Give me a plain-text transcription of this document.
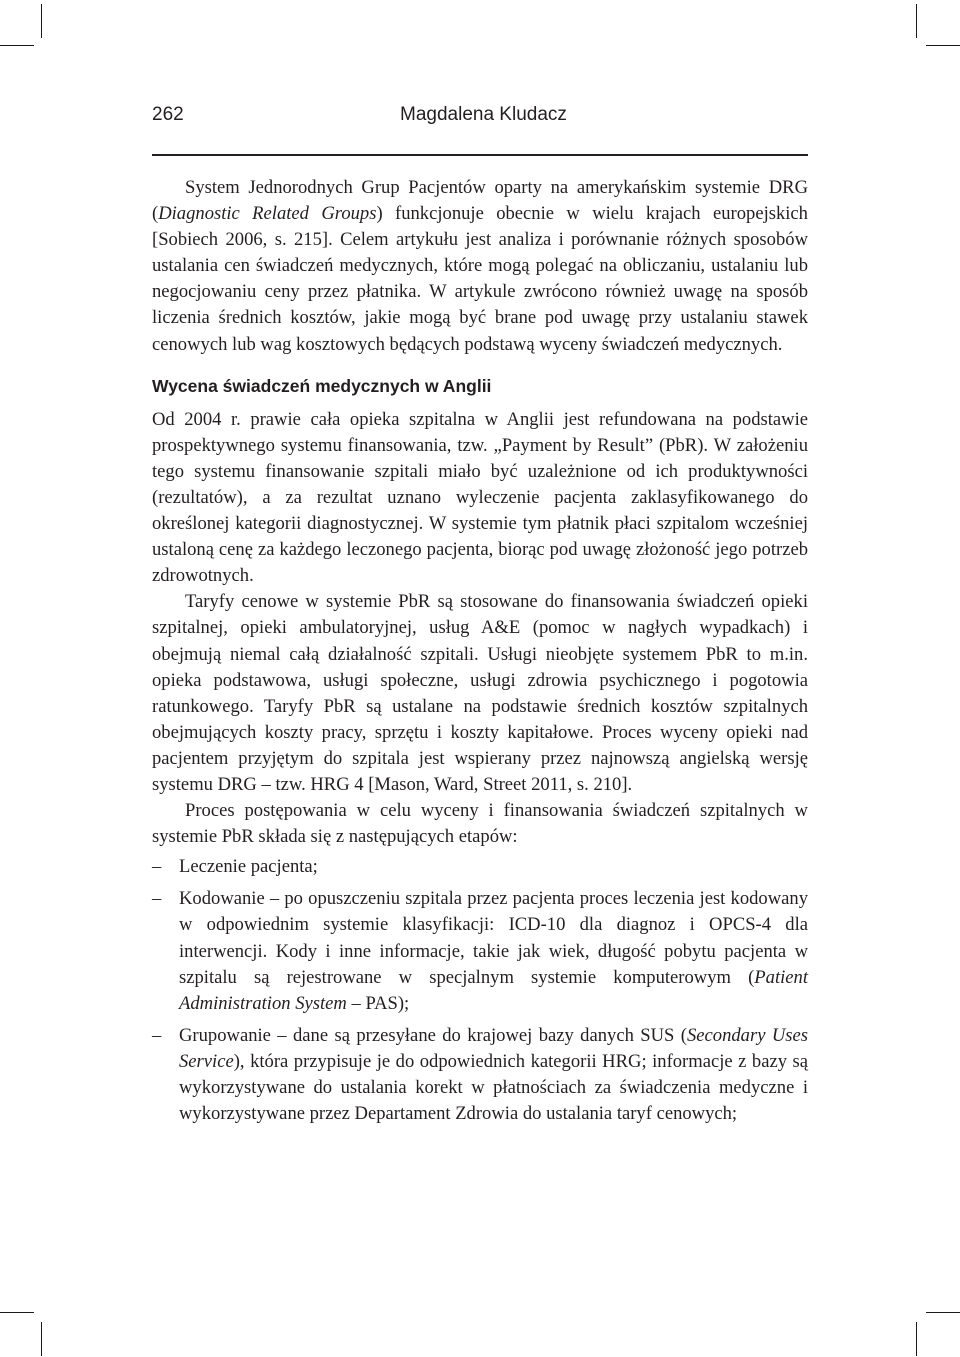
262	Magdalena Kludacz

System Jednorodnych Grup Pacjentów oparty na amerykańskim systemie DRG (Diagnostic Related Groups) funkcjonuje obecnie w wielu krajach europejskich [Sobiech 2006, s. 215]. Celem artykułu jest analiza i porównanie różnych sposobów ustalania cen świadczeń medycznych, które mogą polegać na obliczaniu, ustalaniu lub negocjowaniu ceny przez płatnika. W artykule zwrócono również uwagę na sposób liczenia średnich kosztów, jakie mogą być brane pod uwagę przy ustalaniu stawek cenowych lub wag kosztowych będących podstawą wyceny świadczeń medycznych.

Wycena świadczeń medycznych w Anglii

Od 2004 r. prawie cała opieka szpitalna w Anglii jest refundowana na podstawie prospektywnego systemu finansowania, tzw. „Payment by Result” (PbR). W założeniu tego systemu finansowanie szpitali miało być uzależnione od ich produktywności (rezultatów), a za rezultat uznano wyleczenie pacjenta zaklasyfikowanego do określonej kategorii diagnostycznej. W systemie tym płatnik płaci szpitalom wcześniej ustaloną cenę za każdego leczonego pacjenta, biorąc pod uwagę złożoność jego potrzeb zdrowotnych.

Taryfy cenowe w systemie PbR są stosowane do finansowania świadczeń opieki szpitalnej, opieki ambulatoryjnej, usług A&E (pomoc w nagłych wypadkach) i obejmują niemal całą działalność szpitali. Usługi nieobjęte systemem PbR to m.in. opieka podstawowa, usługi społeczne, usługi zdrowia psychicznego i pogotowia ratunkowego. Taryfy PbR są ustalane na podstawie średnich kosztów szpitalnych obejmujących koszty pracy, sprzętu i koszty kapitałowe. Proces wyceny opieki nad pacjentem przyjętym do szpitala jest wspierany przez najnowszą angielską wersję systemu DRG – tzw. HRG 4 [Mason, Ward, Street 2011, s. 210].

Proces postępowania w celu wyceny i finansowania świadczeń szpitalnych w systemie PbR składa się z następujących etapów:

– Leczenie pacjenta;
– Kodowanie – po opuszczeniu szpitala przez pacjenta proces leczenia jest kodowany w odpowiednim systemie klasyfikacji: ICD-10 dla diagnoz i OPCS-4 dla interwencji. Kody i inne informacje, takie jak wiek, długość pobytu pacjenta w szpitalu są rejestrowane w specjalnym systemie komputerowym (Patient Administration System – PAS);
– Grupowanie – dane są przesyłane do krajowej bazy danych SUS (Secondary Uses Service), która przypisuje je do odpowiednich kategorii HRG; informacje z bazy są wykorzystywane do ustalania korekt w płatnościach za świadczenia medyczne i wykorzystywane przez Departament Zdrowia do ustalania taryf cenowych;
